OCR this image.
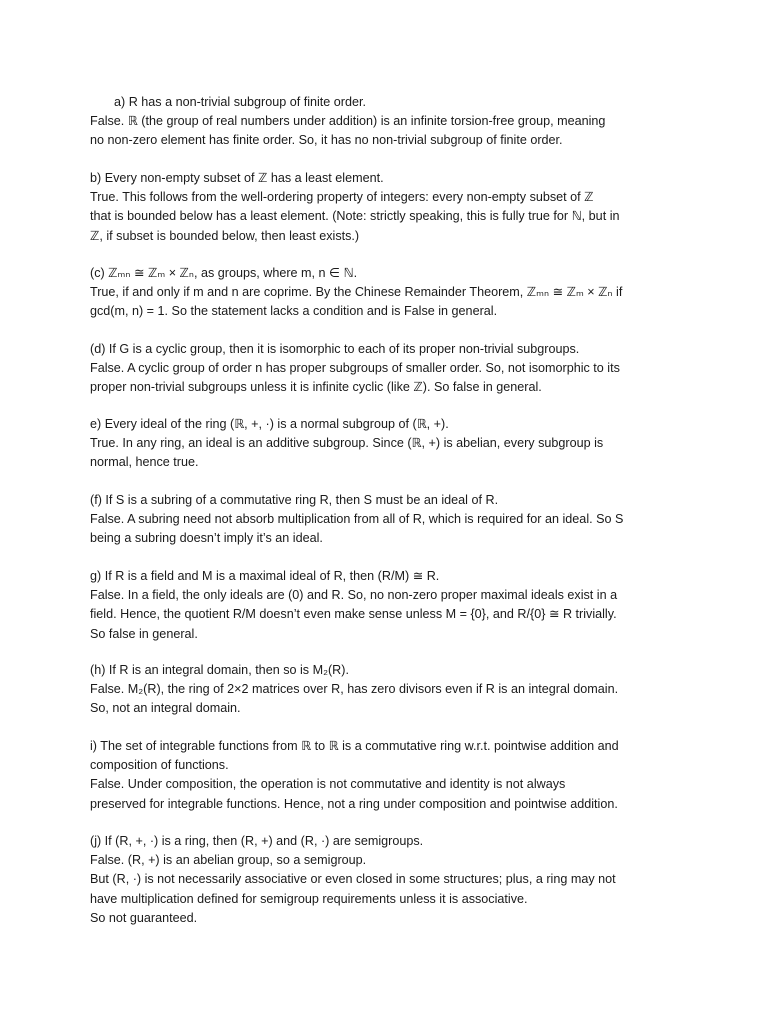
a) R has a non-trivial subgroup of finite order.
False. ℝ (the group of real numbers under addition) is an infinite torsion-free group, meaning
no non-zero element has finite order. So, it has no non-trivial subgroup of finite order.
b) Every non-empty subset of ℤ has a least element.
True. This follows from the well-ordering property of integers: every non-empty subset of ℤ
that is bounded below has a least element. (Note: strictly speaking, this is fully true for ℕ, but in
ℤ, if subset is bounded below, then least exists.)
(c) ℤₘₙ ≅ ℤₘ × ℤₙ, as groups, where m, n ∈ ℕ.
True, if and only if m and n are coprime. By the Chinese Remainder Theorem, ℤₘₙ ≅ ℤₘ × ℤₙ if
gcd(m, n) = 1. So the statement lacks a condition and is False in general.
(d) If G is a cyclic group, then it is isomorphic to each of its proper non-trivial subgroups.
False. A cyclic group of order n has proper subgroups of smaller order. So, not isomorphic to its
proper non-trivial subgroups unless it is infinite cyclic (like ℤ). So false in general.
e) Every ideal of the ring (ℝ, +, ·) is a normal subgroup of (ℝ, +).
True. In any ring, an ideal is an additive subgroup. Since (ℝ, +) is abelian, every subgroup is
normal, hence true.
(f) If S is a subring of a commutative ring R, then S must be an ideal of R.
False. A subring need not absorb multiplication from all of R, which is required for an ideal. So S
being a subring doesn’t imply it’s an ideal.
g) If R is a field and M is a maximal ideal of R, then (R/M) ≅ R.
False. In a field, the only ideals are (0) and R. So, no non-zero proper maximal ideals exist in a
field. Hence, the quotient R/M doesn’t even make sense unless M = {0}, and R/{0} ≅ R trivially.
So false in general.
(h) If R is an integral domain, then so is M₂(R).
False. M₂(R), the ring of 2×2 matrices over R, has zero divisors even if R is an integral domain.
So, not an integral domain.
i) The set of integrable functions from ℝ to ℝ is a commutative ring w.r.t. pointwise addition and
composition of functions.
False. Under composition, the operation is not commutative and identity is not always
preserved for integrable functions. Hence, not a ring under composition and pointwise addition.
(j) If (R, +, ·) is a ring, then (R, +) and (R, ·) are semigroups.
False. (R, +) is an abelian group, so a semigroup.
But (R, ·) is not necessarily associative or even closed in some structures; plus, a ring may not
have multiplication defined for semigroup requirements unless it is associative.
So not guaranteed.
